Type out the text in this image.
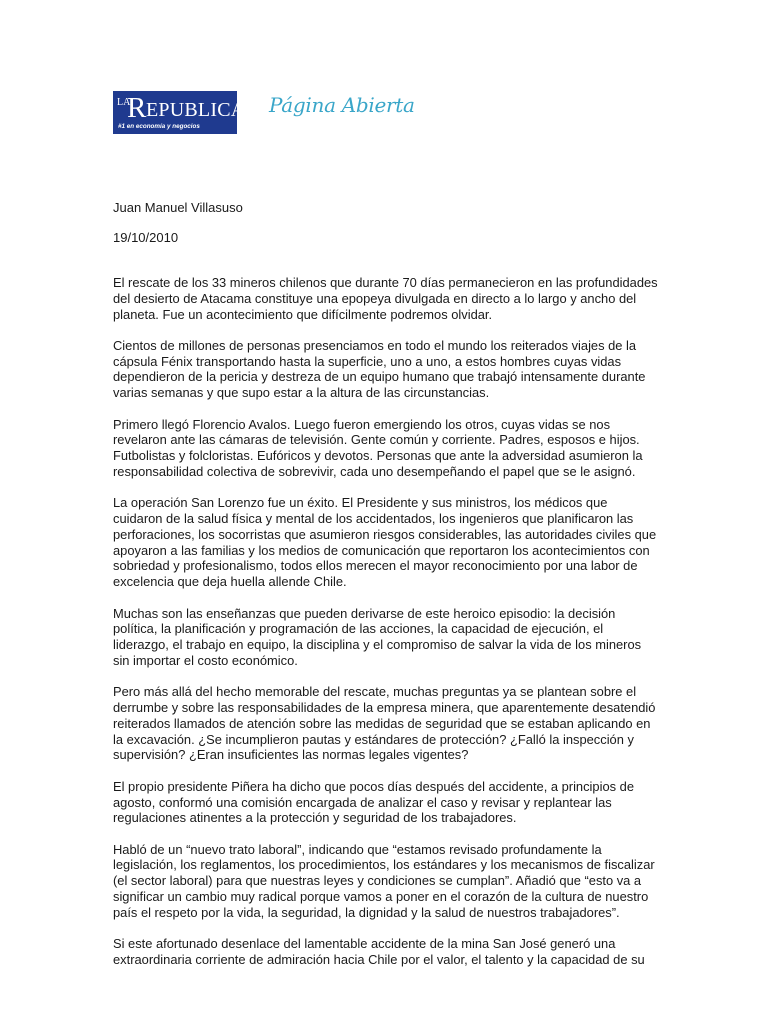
LA
R EPUBLICA
#1 en economía y negocios
Página Abierta
Juan Manuel Villasuso
19/10/2010

El rescate de los 33 mineros chilenos que durante 70 días permanecieron en las profundidades del desierto de Atacama constituye una epopeya divulgada en directo a lo largo y ancho del planeta. Fue un acontecimiento que difícilmente podremos olvidar.

Cientos de millones de personas presenciamos en todo el mundo los reiterados viajes de la cápsula Fénix transportando hasta la superficie, uno a uno, a estos hombres cuyas vidas dependieron de la pericia y destreza de un equipo humano que trabajó intensamente durante varias semanas y que supo estar a la altura de las circunstancias.

Primero llegó Florencio Avalos. Luego fueron emergiendo los otros, cuyas vidas se nos revelaron ante las cámaras de televisión. Gente común y corriente. Padres, esposos e hijos. Futbolistas y folcloristas. Eufóricos y devotos. Personas que ante la adversidad asumieron la responsabilidad colectiva de sobrevivir, cada uno desempeñando el papel que se le asignó.

La operación San Lorenzo fue un éxito. El Presidente y sus ministros, los médicos que cuidaron de la salud física y mental de los accidentados, los ingenieros que planificaron las perforaciones, los socorristas que asumieron riesgos considerables, las autoridades civiles que apoyaron a las familias y los medios de comunicación que reportaron los acontecimientos con sobriedad y profesionalismo, todos ellos merecen el mayor reconocimiento por una labor de excelencia que deja huella allende Chile.

Muchas son las enseñanzas que pueden derivarse de este heroico episodio: la decisión política, la planificación y programación de las acciones, la capacidad de ejecución, el liderazgo, el trabajo en equipo, la disciplina y el compromiso de salvar la vida de los mineros sin importar el costo económico.

Pero más allá del hecho memorable del rescate, muchas preguntas ya se plantean sobre el derrumbe y sobre las responsabilidades de la empresa minera, que aparentemente desatendió reiterados llamados de atención sobre las medidas de seguridad que se estaban aplicando en la excavación. ¿Se incumplieron pautas y estándares de protección? ¿Falló la inspección y supervisión? ¿Eran insuficientes las normas legales vigentes?

El propio presidente Piñera ha dicho que pocos días después del accidente, a principios de agosto, conformó una comisión encargada de analizar el caso y revisar y replantear las regulaciones atinentes a la protección y seguridad de los trabajadores.

Habló de un “nuevo trato laboral”, indicando que “estamos revisado profundamente la legislación, los reglamentos, los procedimientos, los estándares y los mecanismos de fiscalizar (el sector laboral) para que nuestras leyes y condiciones se cumplan”. Añadió que “esto va a significar un cambio muy radical porque vamos a poner en el corazón de la cultura de nuestro país el respeto por la vida, la seguridad, la dignidad y la salud de nuestros trabajadores”.

Si este afortunado desenlace del lamentable accidente de la mina San José generó una extraordinaria corriente de admiración hacia Chile por el valor, el talento y la capacidad de su
